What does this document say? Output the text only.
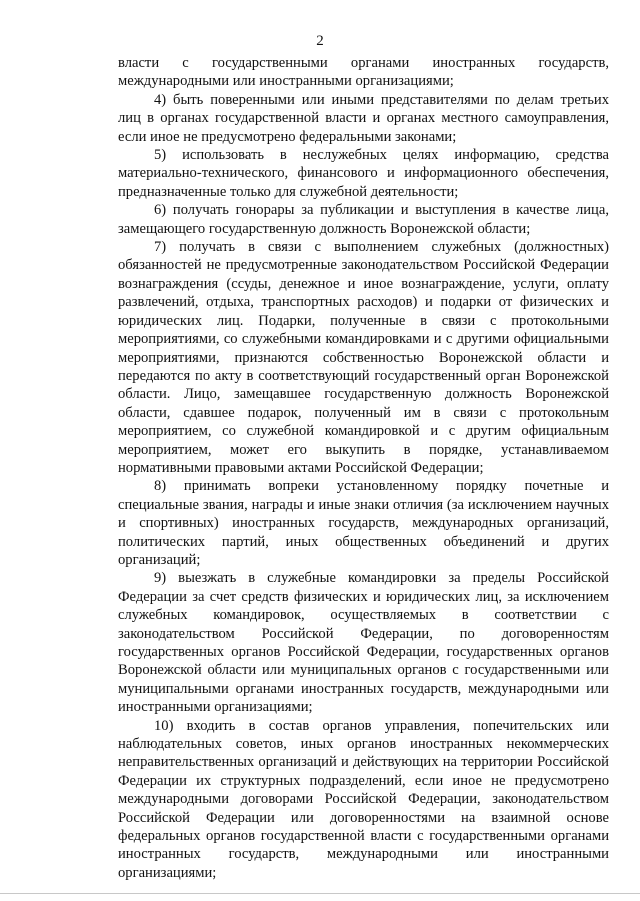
2

власти с государственными органами иностранных государств, международными или иностранными организациями;

4) быть поверенными или иными представителями по делам третьих лиц в органах государственной власти и органах местного самоуправления, если иное не предусмотрено федеральными законами;

5) использовать в неслужебных целях информацию, средства материально-технического, финансового и информационного обеспечения, предназначенные только для служебной деятельности;

6) получать гонорары за публикации и выступления в качестве лица, замещающего государственную должность Воронежской области;

7) получать в связи с выполнением служебных (должностных) обязанностей не предусмотренные законодательством Российской Федерации вознаграждения (ссуды, денежное и иное вознаграждение, услуги, оплату развлечений, отдыха, транспортных расходов) и подарки от физических и юридических лиц. Подарки, полученные в связи с протокольными мероприятиями, со служебными командировками и с другими официальными мероприятиями, признаются собственностью Воронежской области и передаются по акту в соответствующий государственный орган Воронежской области. Лицо, замещавшее государственную должность Воронежской области, сдавшее подарок, полученный им в связи с протокольным мероприятием, со служебной командировкой и с другим официальным мероприятием, может его выкупить в порядке, устанавливаемом нормативными правовыми актами Российской Федерации;

8) принимать вопреки установленному порядку почетные и специальные звания, награды и иные знаки отличия (за исключением научных и спортивных) иностранных государств, международных организаций, политических партий, иных общественных объединений и других организаций;

9) выезжать в служебные командировки за пределы Российской Федерации за счет средств физических и юридических лиц, за исключением служебных командировок, осуществляемых в соответствии с законодательством Российской Федерации, по договоренностям государственных органов Российской Федерации, государственных органов Воронежской области или муниципальных органов с государственными или муниципальными органами иностранных государств, международными или иностранными организациями;

10) входить в состав органов управления, попечительских или наблюдательных советов, иных органов иностранных некоммерческих неправительственных организаций и действующих на территории Российской Федерации их структурных подразделений, если иное не предусмотрено международными договорами Российской Федерации, законодательством Российской Федерации или договоренностями на взаимной основе федеральных органов государственной власти с государственными органами иностранных государств, международными или иностранными организациями;
